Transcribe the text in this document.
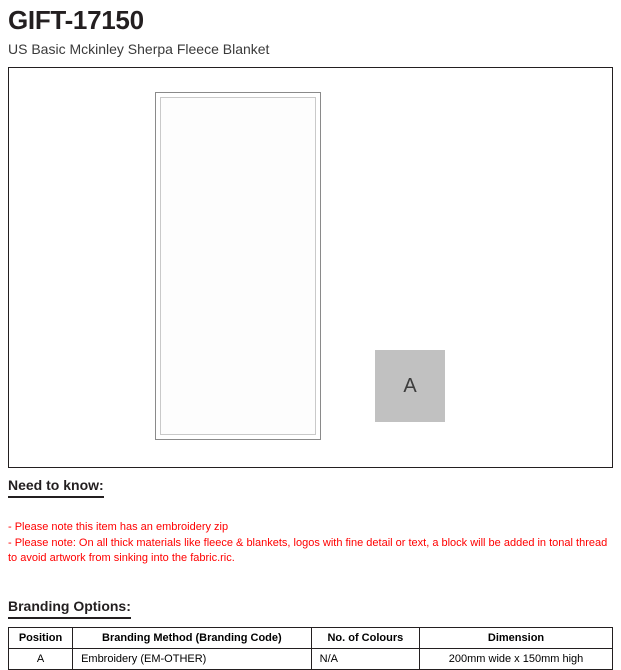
GIFT-17150
US Basic Mckinley Sherpa Fleece Blanket
A
Need to know:
- Please note this item has an embroidery zip
- Please note: On all thick materials like fleece & blankets, logos with fine detail or text, a block will be added in tonal thread
to avoid artwork from sinking into the fabric.ric.
Branding Options:
Position	Branding Method (Branding Code)	No. of Colours	Dimension
A	Embroidery (EM-OTHER)	N/A	200mm wide x 150mm high
